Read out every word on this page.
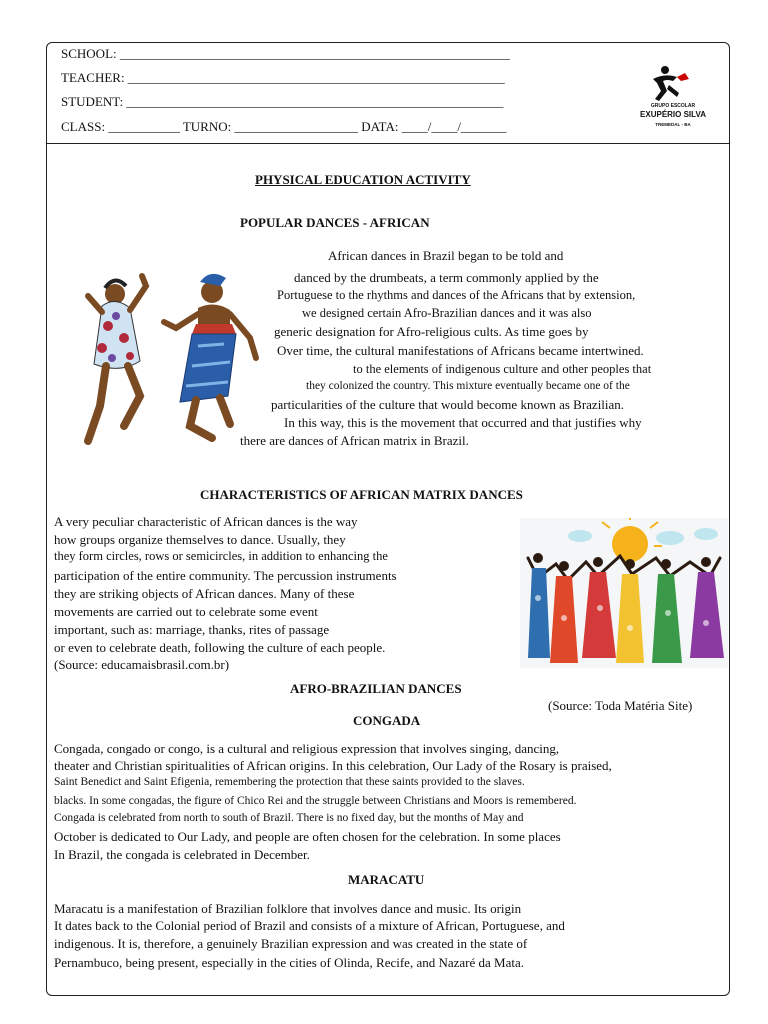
SCHOOL: ____________________________________________________________
TEACHER: __________________________________________________________
STUDENT: __________________________________________________________
CLASS: ___________ TURNO: ___________________ DATA: ____/____/_______
GRUPO ESCOLAR
EXUPÉRIO SILVA
TREMEDAL - BA
PHYSICAL EDUCATION ACTIVITY
POPULAR DANCES - AFRICAN
African dances in Brazil began to be told and
danced by the drumbeats, a term commonly applied by the
Portuguese to the rhythms and dances of the Africans that by extension,
we designed certain Afro-Brazilian dances and it was also
generic designation for Afro-religious cults. As time goes by
Over time, the cultural manifestations of Africans became intertwined.
to the elements of indigenous culture and other peoples that
they colonized the country. This mixture eventually became one of the
particularities of the culture that would become known as Brazilian.
In this way, this is the movement that occurred and that justifies why
there are dances of African matrix in Brazil.
CHARACTERISTICS OF AFRICAN MATRIX DANCES
A very peculiar characteristic of African dances is the way
how groups organize themselves to dance. Usually, they
they form circles, rows or semicircles, in addition to enhancing the
participation of the entire community. The percussion instruments
they are striking objects of African dances. Many of these
movements are carried out to celebrate some event
important, such as: marriage, thanks, rites of passage
or even to celebrate death, following the culture of each people.
(Source: educamaisbrasil.com.br)
AFRO-BRAZILIAN DANCES
(Source: Toda Matéria Site)
CONGADA
Congada, congado or congo, is a cultural and religious expression that involves singing, dancing,
theater and Christian spiritualities of African origins. In this celebration, Our Lady of the Rosary is praised,
Saint Benedict and Saint Efigenia, remembering the protection that these saints provided to the slaves.
blacks. In some congadas, the figure of Chico Rei and the struggle between Christians and Moors is remembered.
Congada is celebrated from north to south of Brazil. There is no fixed day, but the months of May and
October is dedicated to Our Lady, and people are often chosen for the celebration. In some places
In Brazil, the congada is celebrated in December.
MARACATU
Maracatu is a manifestation of Brazilian folklore that involves dance and music. Its origin
It dates back to the Colonial period of Brazil and consists of a mixture of African, Portuguese, and
indigenous. It is, therefore, a genuinely Brazilian expression and was created in the state of
Pernambuco, being present, especially in the cities of Olinda, Recife, and Nazaré da Mata.
